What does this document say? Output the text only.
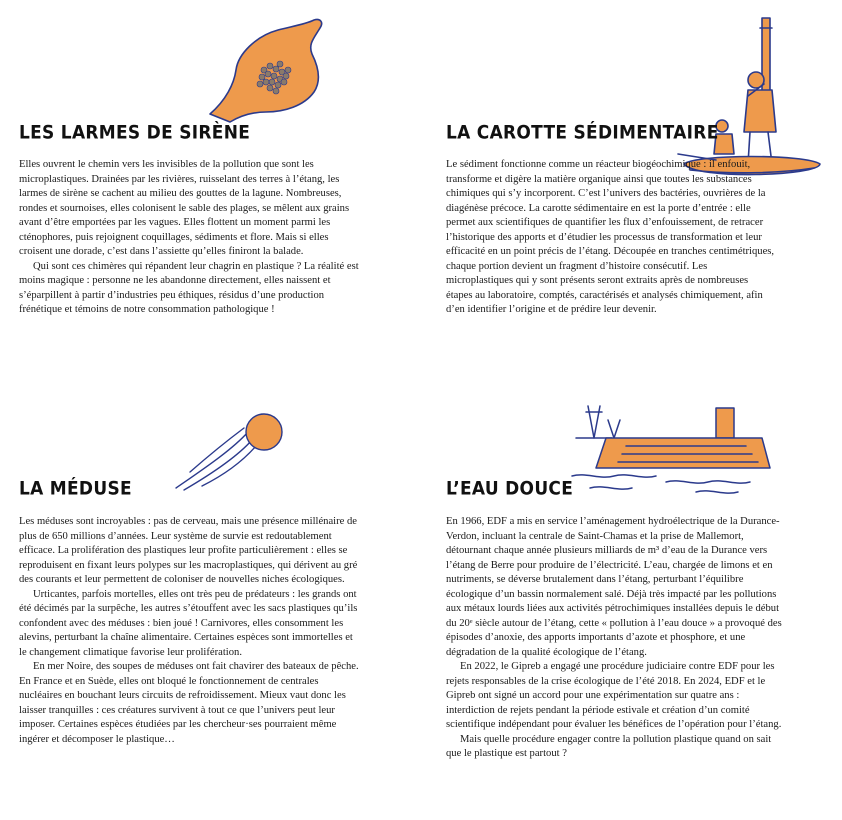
LES LARMES DE SIRÈNE

Elles ouvrent le chemin vers les invisibles de la pollution que sont les microplastiques. Drainées par les rivières, ruisselant des terres à l’étang, les larmes de sirène se cachent au milieu des gouttes de la lagune. Nombreuses, rondes et sournoises, elles colonisent le sable des plages, se mêlent aux grains avant d’être emportées par les vagues. Elles flottent un moment parmi les cténophores, puis rejoignent coquillages, sédiments et flore. Mais si elles croisent une dorade, c’est dans l’assiette qu’elles finiront la balade.

Qui sont ces chimères qui répandent leur chagrin en plastique ? La réalité est moins magique : personne ne les abandonne directement, elles naissent et s’éparpillent à partir d’industries peu éthiques, résidus d’une production frénétique et témoins de notre consommation pathologique !

LA CAROTTE SÉDIMENTAIRE

Le sédiment fonctionne comme un réacteur biogéochimique : il enfouit, transforme et digère la matière organique ainsi que toutes les substances chimiques qui s’y incorporent. C’est l’univers des bactéries, ouvrières de la diagénèse précoce. La carotte sédimentaire en est la porte d’entrée : elle permet aux scientifiques de quantifier les flux d’enfouissement, de retracer l’historique des apports et d’étudier les processus de transformation et leur efficacité en un point précis de l’étang. Découpée en tranches centimétriques, chaque portion devient un fragment d’histoire consécutif. Les microplastiques qui y sont présents seront extraits après de nombreuses étapes au laboratoire, comptés, caractérisés et analysés chimiquement, afin d’en identifier l’origine et de prédire leur devenir.

LA MÉDUSE

Les méduses sont incroyables : pas de cerveau, mais une présence millénaire de plus de 650 millions d’années. Leur système de survie est redoutablement efficace. La prolifération des plastiques leur profite particulièrement : elles se reproduisent en fixant leurs polypes sur les macroplastiques, qui dérivent au gré des courants et leur permettent de coloniser de nouvelles niches écologiques.

Urticantes, parfois mortelles, elles ont très peu de prédateurs : les grands ont été décimés par la surpêche, les autres s’étouffent avec les sacs plastiques qu’ils confondent avec des méduses : bien joué ! Carnivores, elles consomment les alevins, perturbant la chaîne alimentaire. Certaines espèces sont immortelles et le changement climatique favorise leur prolifération.

En mer Noire, des soupes de méduses ont fait chavirer des bateaux de pêche. En France et en Suède, elles ont bloqué le fonctionnement de centrales nucléaires en bouchant leurs circuits de refroidissement. Mieux vaut donc les laisser tranquilles : ces créatures survivent à tout ce que l’univers peut leur imposer. Certaines espèces étudiées par les chercheur·ses pourraient même ingérer et décomposer le plastique…

L’EAU DOUCE

En 1966, EDF a mis en service l’aménagement hydroélectrique de la Durance-Verdon, incluant la centrale de Saint-Chamas et la prise de Mallemort, détournant chaque année plusieurs milliards de m³ d’eau de la Durance vers l’étang de Berre pour produire de l’électricité. L’eau, chargée de limons et en nutriments, se déverse brutalement dans l’étang, perturbant l’équilibre écologique d’un bassin normalement salé. Déjà très impacté par les pollutions aux métaux lourds liées aux activités pétrochimiques installées depuis le début du 20ᵉ siècle autour de l’étang, cette « pollution à l’eau douce » a provoqué des épisodes d’anoxie, des apports importants d’azote et phosphore, et une dégradation de la qualité écologique de l’étang.

En 2022, le Gipreb a engagé une procédure judiciaire contre EDF pour les rejets responsables de la crise écologique de l’été 2018. En 2024, EDF et le Gipreb ont signé un accord pour une expérimentation sur quatre ans : interdiction de rejets pendant la période estivale et création d’un comité scientifique indépendant pour évaluer les bénéfices de l’opération pour l’étang.

Mais quelle procédure engager contre la pollution plastique quand on sait que le plastique est partout ?
